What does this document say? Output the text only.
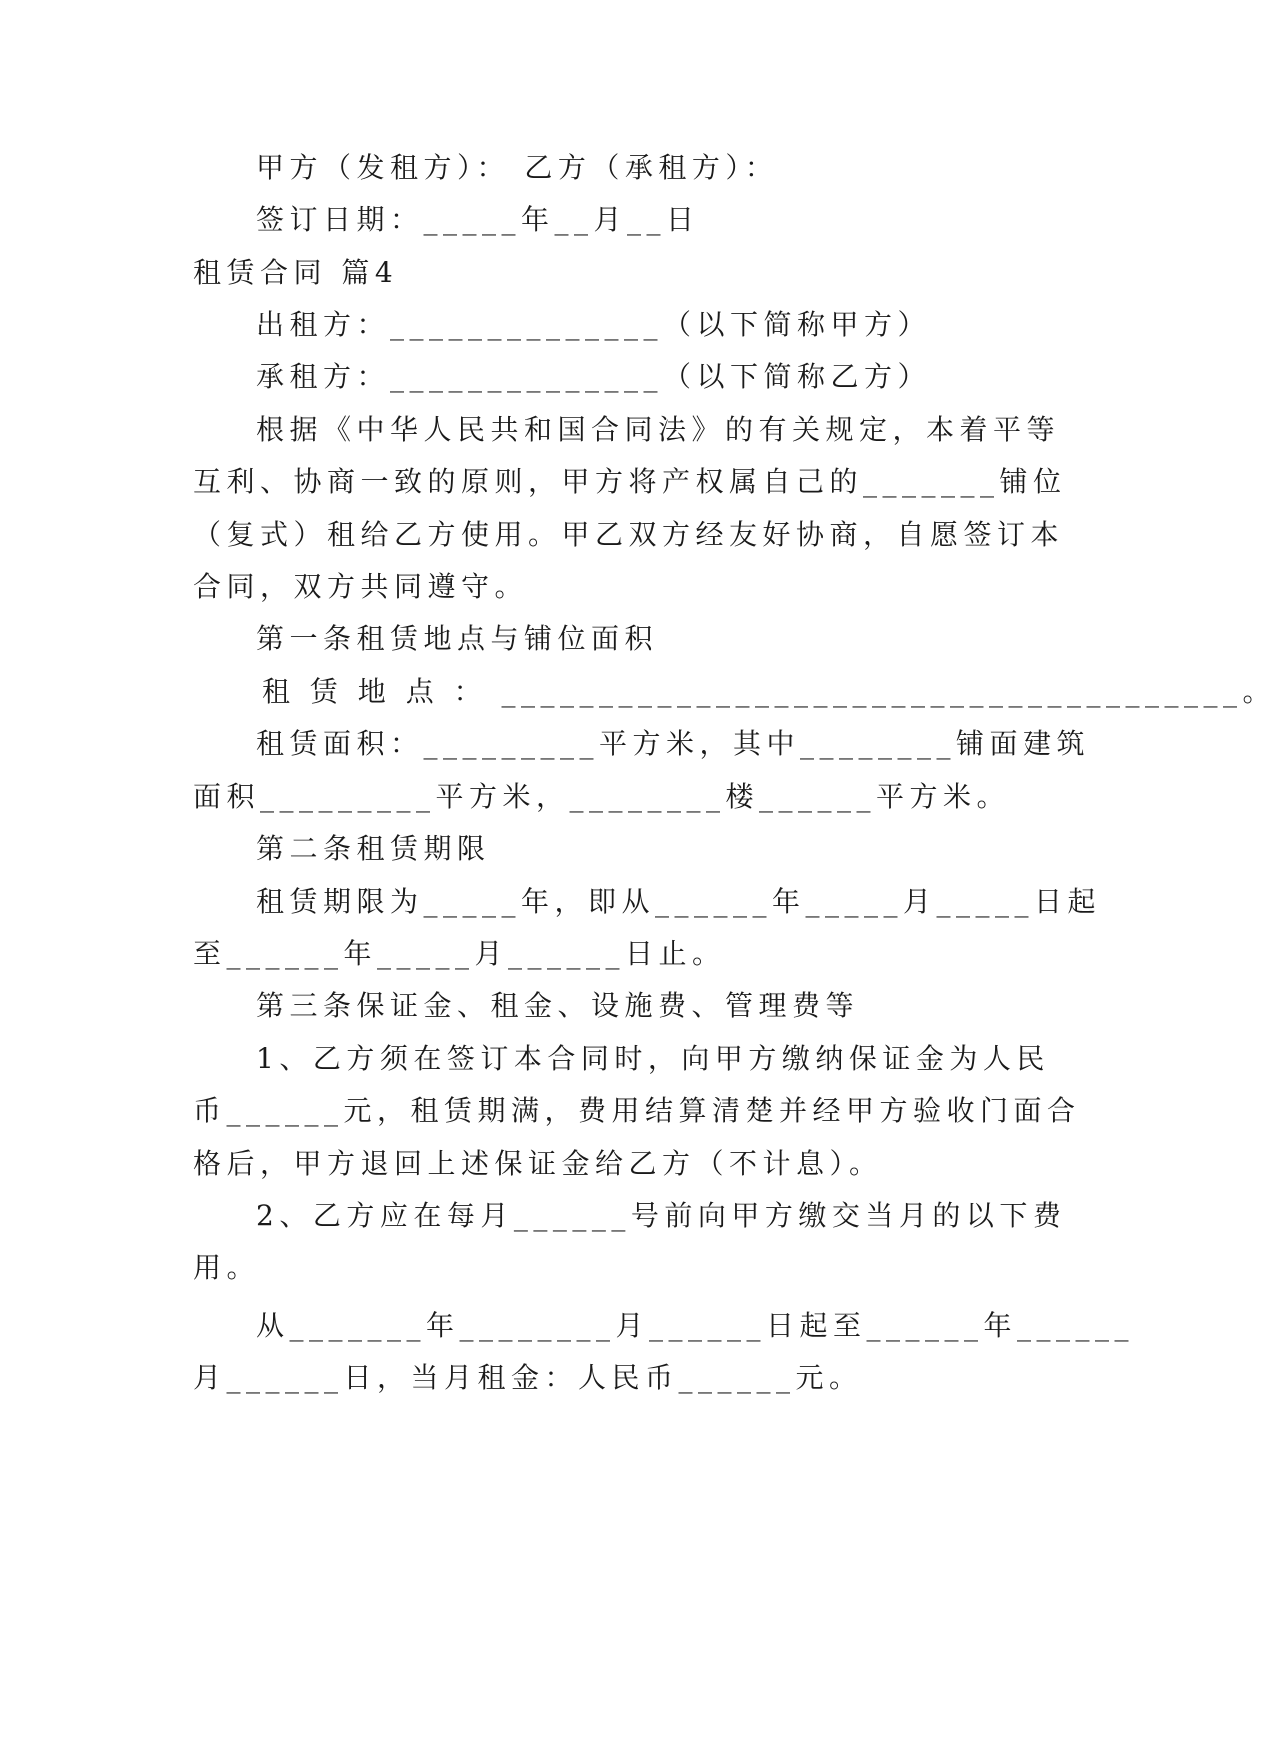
甲方（发租方）： 乙方（承租方）：
签订日期：_____年__月__日
租赁合同 篇4
出租方：______________（以下简称甲方）
承租方：______________（以下简称乙方）
根据《中华人民共和国合同法》的有关规定，本着平等
互利、协商一致的原则，甲方将产权属自己的_______铺位
（复式）租给乙方使用。甲乙双方经友好协商，自愿签订本
合同，双方共同遵守。
第一条租赁地点与铺位面积
租 赁 地 点 ： ______________________________________。
租赁面积：_________平方米，其中________铺面建筑
面积_________平方米，________楼______平方米。
第二条租赁期限
租赁期限为_____年，即从______年_____月_____日起
至______年_____月______日止。
第三条保证金、租金、设施费、管理费等
1、乙方须在签订本合同时，向甲方缴纳保证金为人民
币______元，租赁期满，费用结算清楚并经甲方验收门面合
格后，甲方退回上述保证金给乙方（不计息）。
2、乙方应在每月______号前向甲方缴交当月的以下费
用。
从_______年________月______日起至______年______
月______日，当月租金：人民币______元。
